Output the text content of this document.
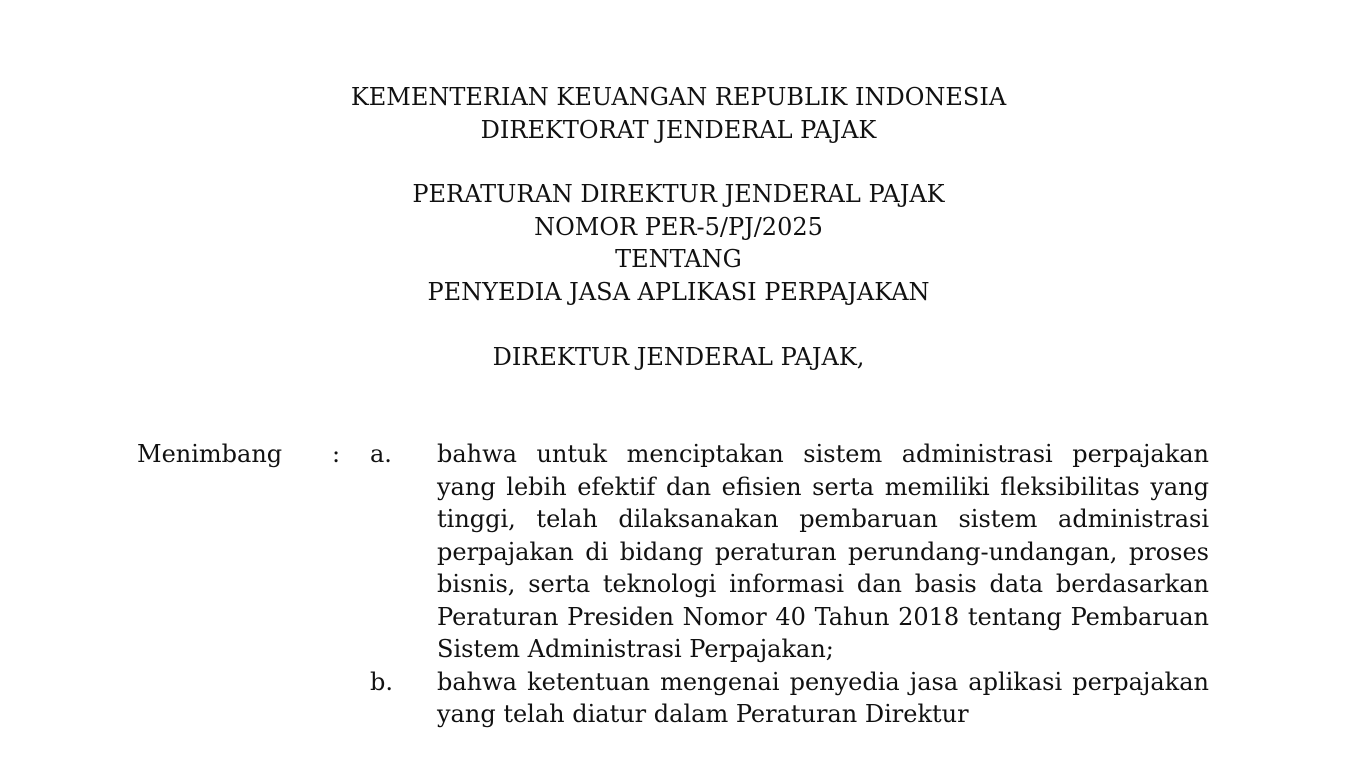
KEMENTERIAN KEUANGAN REPUBLIK INDONESIA
DIREKTORAT JENDERAL PAJAK
PERATURAN DIREKTUR JENDERAL PAJAK
NOMOR PER-5/PJ/2025
TENTANG
PENYEDIA JASA APLIKASI PERPAJAKAN
DIREKTUR JENDERAL PAJAK,
Menimbang : a. bahwa untuk menciptakan sistem administrasi perpajakan yang lebih efektif dan efisien serta memiliki fleksibilitas yang tinggi, telah dilaksanakan pembaruan sistem administrasi perpajakan di bidang peraturan perundang-undangan, proses bisnis, serta teknologi informasi dan basis data berdasarkan Peraturan Presiden Nomor 40 Tahun 2018 tentang Pembaruan Sistem Administrasi Perpajakan;
b. bahwa ketentuan mengenai penyedia jasa aplikasi perpajakan yang telah diatur dalam Peraturan Direktur
